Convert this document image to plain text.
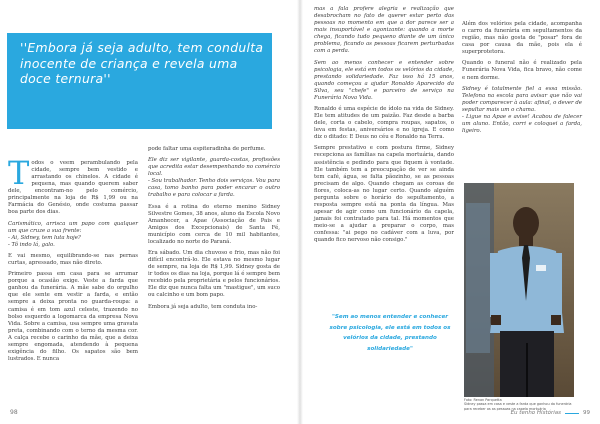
''Embora já seja adulto, tem condulta inocente de criança e revela uma doce ternura''

Todos o veem perambulando pela cidade, sempre bem vestido e arrastando os chinelos. A cidade é pequena, mas quando querem saber dele, encontram-no pelo comércio, principalmente na loja de R$ 1,99 ou na Farmácia do Genésio, onde costuma passar boa parte dos dias.

Carismático, arrisca um papo com qualquer um que cruze a sua frente:
- Ai, Sidney, tem luta hoje?
- Tô indo lá, galo.

E vai mesmo, equilibrando-se nas pernas curtas, apressado, mas não direto.

Primeiro passa em casa para se arrumar porque a ocasião exige. Veste a farda que ganhou da funerária. A mãe sabe do orgulho que ele sente em vestir a farda, e então sempre a deixa pronta no guarda-roupa: a camisa é em tom azul celeste, trazendo no bolso esquerdo a logomarca da empresa Nova Vida. Sobre a camisa, usa sempre uma gravata preta, combinando com o terno da mesma cor. A calça recebe o carinho da mãe, que a deixa sempre engomada, atendendo à pequena exigência do filho. Os sapatos são bem lustrados. E nunca

pode faltar uma espiteradinha de perfume.

Ele diz ser vigilante, guarda-costas, profissões que acredita estar desempenhando no comércio local.
- Sou trabalhador. Tenho dois serviços. Vou para casa, tomo banho para poder encarar o outro trabalho e para colocar a farda.

Essa é a rotina do eterno menino Sidney Silvestre Gomes, 38 anos, aluno da Escola Novo Amanhecer, a Apae (Associação de Pais e Amigos dos Excepcionais) de Santa Fé, município com cerca de 10 mil habitantes, localizado no norte do Paraná.

Era sábado. Um dia chuvoso e frio, mas não foi difícil encontrá-lo. Ele estava no mesmo lugar de sempre, na loja de R$ 1,99. Sidney gosta de ir todos os dias na loja, porque lá é sempre bem recebido pela proprietária e pelos funcionários. Ele diz que nunca falta um "mastigue", um suco ou calcinho e um bom papo.

Embora já seja adulto, tem conduta ino-

98

mas a fala profere alegria e realização que desabrocham no fato de querer estar perto das pessoas no momento em que a dor parece ser a mais insuportável e agonizante: quando a morte chega, ficando tudo pequeno diante de um único problema, ficando as pessoas ficarem perturbadas com a perda.

Sem ao menos conhecer e entender sobre psicologia, ele está em todos os velórios da cidade, prestando solidariedade. Faz isso há 15 anos, quando começou a ajudar Ronaldo Aparecido da Silva, seu "chefe" e parceiro de serviço na Funerária Nova Vida.

Ronaldo é uma espécie de ídolo na vida de Sidney. Ele tem atitudes de um paizão. Faz desde a barba dele, corta o cabelo, compra roupas, sapatos, o leva em festas, aniversários e no igreja. E como diz o ditado: E Deus no céu e Ronaldo na Terra.

Sempre prestativo e com postura firme, Sidney recepciona as famílias na capela mortuária, dando assistência e pedindo para que fiquem à vontade. Ele também tem a preocupação de ver se ainda tem café, água, se falta pãozinho, se as pessoas precisam de algo. Quando chegam as coroas de flores, coloca-as no lugar certo. Quando alguém pergunta sobre o horário do sepultamento, a resposta sempre está na ponta da língua. Mas apesar de agir como um funcionário da capela, jamais foi contratado para tal. Há momentos que meio-se a ajudar a preparar o corpo, mas confessa: "ai pego no cadáver com a luva, por quando fico nervoso não consigo."

"Sem ao menos entender e conhecer sobre psicologia, ele está em todos os velórios da cidade, prestando solidariedade"

Além dos velórios pela cidade, acompanha o carro da funerária em sepultamentos da região, mas não gosta de "posar" fora de casa por causa da mãe, pois ela é superprotetora.

Quando o funeral não é realizado pela Funerária Nova Vida, fica bravo, não come e nem dorme.

Sidney é totalmente fiel a essa missão. Telefona na escola para avisar que não vai poder comparecer à aula: afinal, o dever de sepultar mais um o chama.
- Ligue na Apae e avise! Acabou de falecer um aluno. Então, corri e coloquei a farda, ligeiro.

Foto: Renan Parquetta
Sidney passa em casa e veste a farda que ganhou da funerária para receber os as pessoas na capela mortuária

Eu tenho Histórias	99
